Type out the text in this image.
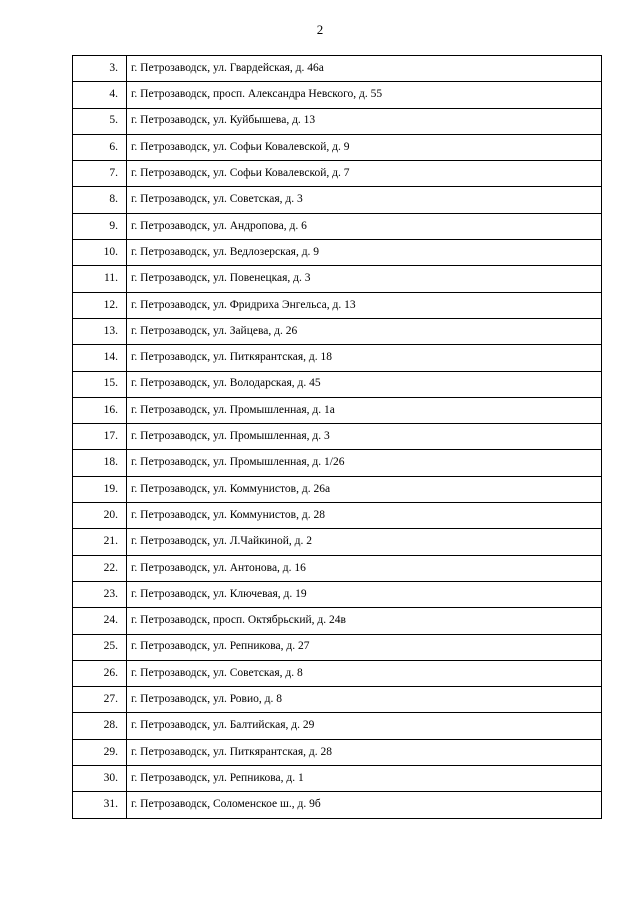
2
3.	г. Петрозаводск, ул. Гвардейская, д. 46а
4.	г. Петрозаводск, просп. Александра Невского, д. 55
5.	г. Петрозаводск, ул. Куйбышева, д. 13
6.	г. Петрозаводск, ул. Софьи Ковалевской, д. 9
7.	г. Петрозаводск, ул. Софьи Ковалевской, д. 7
8.	г. Петрозаводск, ул. Советская, д. 3
9.	г. Петрозаводск, ул. Андропова, д. 6
10.	г. Петрозаводск, ул. Ведлозерская, д. 9
11.	г. Петрозаводск, ул. Повенецкая, д. 3
12.	г. Петрозаводск, ул. Фридриха Энгельса, д. 13
13.	г. Петрозаводск, ул. Зайцева, д. 26
14.	г. Петрозаводск, ул. Питкярантская, д. 18
15.	г. Петрозаводск, ул. Володарская, д. 45
16.	г. Петрозаводск, ул. Промышленная, д. 1а
17.	г. Петрозаводск, ул. Промышленная, д. 3
18.	г. Петрозаводск, ул. Промышленная, д. 1/26
19.	г. Петрозаводск, ул. Коммунистов, д. 26а
20.	г. Петрозаводск, ул. Коммунистов, д. 28
21.	г. Петрозаводск, ул. Л.Чайкиной, д. 2
22.	г. Петрозаводск, ул. Антонова, д. 16
23.	г. Петрозаводск, ул. Ключевая, д. 19
24.	г. Петрозаводск, просп. Октябрьский, д. 24в
25.	г. Петрозаводск, ул. Репникова, д. 27
26.	г. Петрозаводск, ул. Советская, д. 8
27.	г. Петрозаводск, ул. Ровио, д. 8
28.	г. Петрозаводск, ул. Балтийская, д. 29
29.	г. Петрозаводск, ул. Питкярантская, д. 28
30.	г. Петрозаводск, ул. Репникова, д. 1
31.	г. Петрозаводск, Соломенское ш., д. 9б
